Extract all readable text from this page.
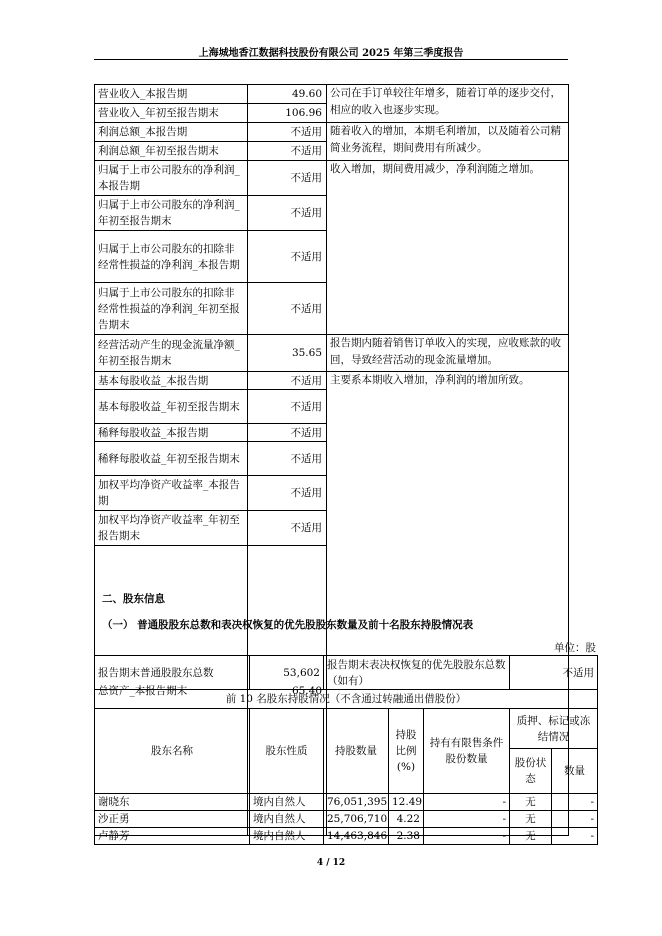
上海城地香江数据科技股份有限公司 2025 年第三季度报告
营业收入_本报告期	49.60	公司在手订单较往年增多，随着订单的逐步交付，相应的收入也逐步实现。	
营业收入_年初至报告期末	106.96		
利润总额_本报告期	不适用	随着收入的增加，本期毛利增加，以及随着公司精简业务流程，期间费用有所减少。	
利润总额_年初至报告期末	不适用		
归属于上市公司股东的净利润_本报告期	不适用	收入增加，期间费用减少，净利润随之增加。	
归属于上市公司股东的净利润_年初至报告期末	不适用		
归属于上市公司股东的扣除非经常性损益的净利润_本报告期	不适用		
归属于上市公司股东的扣除非经常性损益的净利润_年初至报告期末	不适用		
经营活动产生的现金流量净额_年初至报告期末	35.65	报告期内随着销售订单收入的实现，应收账款的收回，导致经营活动的现金流量增加。	
基本每股收益_本报告期	不适用	主要系本期收入增加，净利润的增加所致。	
基本每股收益_年初至报告期末	不适用		
稀释每股收益_本报告期	不适用		
稀释每股收益_年初至报告期末	不适用		
加权平均净资产收益率_本报告期	不适用		
加权平均净资产收益率_年初至报告期末	不适用		
总资产_本报告期末	65.40	
二、股东信息
（一） 普通股股东总数和表决权恢复的优先股股东数量及前十名股东持股情况表
单位：股
报告期末普通股股东总数	53,602	报告期末表决权恢复的优先股股东总数（如有）			不适用	
前 10 名股东持股情况（不含通过转融通出借股份）						
股东名称	股东性质	持股数量	持股比例(%)	持有有限售条件股份数量	质押、标记或冻结情况	
					股份状态	数量
谢晓东	境内自然人	76,051,395	12.49	-	无	-
沙正勇	境内自然人	25,706,710	4.22	-	无	-
卢静芳	境内自然人	14,463,846	2.38	-	无	-
4 / 12
